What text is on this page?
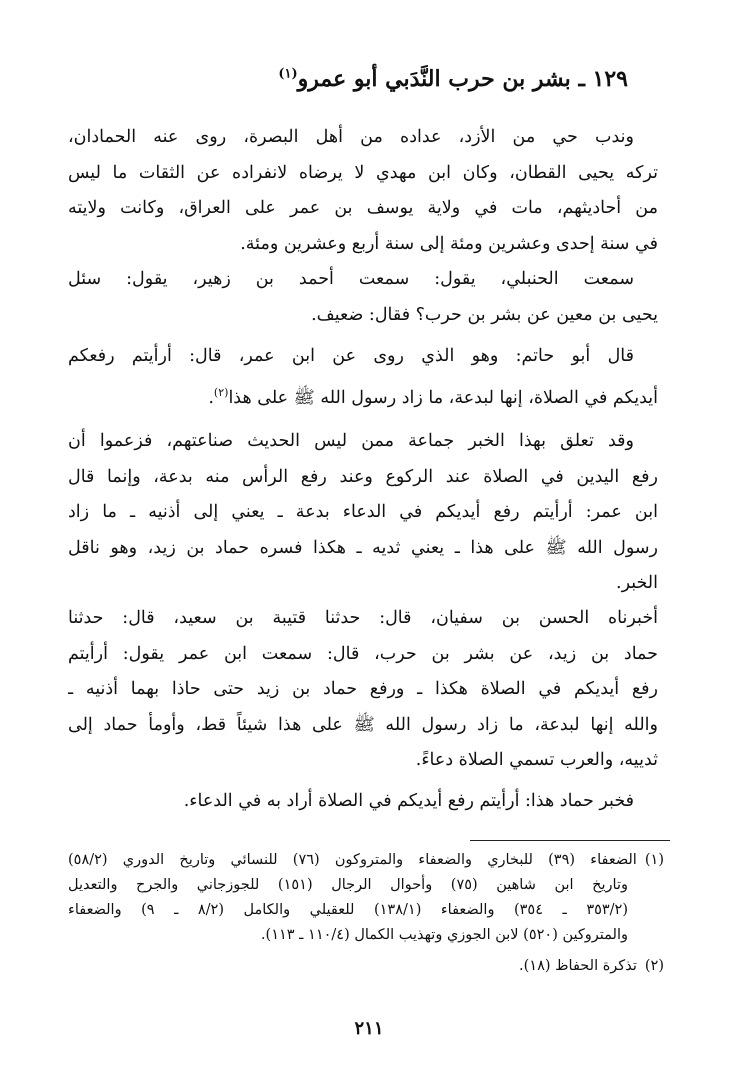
١٢٩ ـ بشر بن حرب النَّدَبي أبو عمرو$^{(١)}$
وندب حي من الأزد، عداده من أهل البصرة، روى عنه الحمادان،
تركه يحيى القطان، وكان ابن مهدي لا يرضاه لانفراده عن الثقات ما ليس
من أحاديثهم، مات في ولاية يوسف بن عمر على العراق، وكانت ولايته
في سنة إحدى وعشرين ومئة إلى سنة أربع وعشرين ومئة.
سمعت الحنبلي، يقول: سمعت أحمد بن زهير، يقول: سئل
يحيى بن معين عن بشر بن حرب؟ فقال: ضعيف.
قال أبو حاتم: وهو الذي روى عن ابن عمر، قال: أرأيتم رفعكم
أيديكم في الصلاة، إنها لبدعة، ما زاد رسول الله ﷺ على هذا$^{(٢)}$.
وقد تعلق بهذا الخبر جماعة ممن ليس الحديث صناعتهم، فزعموا أن
رفع اليدين في الصلاة عند الركوع وعند رفع الرأس منه بدعة، وإنما قال
ابن عمر: أرأيتم رفع أيديكم في الدعاء بدعة ـ يعني إلى أذنيه ـ ما زاد
رسول الله ﷺ على هذا ـ يعني ثديه ـ هكذا فسره حماد بن زيد، وهو ناقل
الخبر.
أخبرناه الحسن بن سفيان، قال: حدثنا قتيبة بن سعيد، قال: حدثنا
حماد بن زيد، عن بشر بن حرب، قال: سمعت ابن عمر يقول: أرأيتم
رفع أيديكم في الصلاة هكذا ـ ورفع حماد بن زيد حتى حاذا بهما أذنيه ـ
والله إنها لبدعة، ما زاد رسول الله ﷺ على هذا شيئاً قط، وأومأ حماد إلى
ثدييه، والعرب تسمي الصلاة دعاءً.
فخبر حماد هذا: أرأيتم رفع أيديكم في الصلاة أراد به في الدعاء.
(١)الضعفاء (٣٩) للبخاري والضعفاء والمتروكون (٧٦) للنسائي وتاريخ الدوري (٥٨/٢)
وتاريخ ابن شاهين (٧٥) وأحوال الرجال (١٥١) للجوزجاني والجرح والتعديل
(٣٥٣/٢ ـ ٣٥٤) والضعفاء (١٣٨/١) للعقيلي والكامل (٨/٢ ـ ٩) والضعفاء
والمتروكين (٥٢٠) لابن الجوزي وتهذيب الكمال (١١٠/٤ ـ ١١٣).
(٢)تذكرة الحفاظ (١٨).
٢١١
